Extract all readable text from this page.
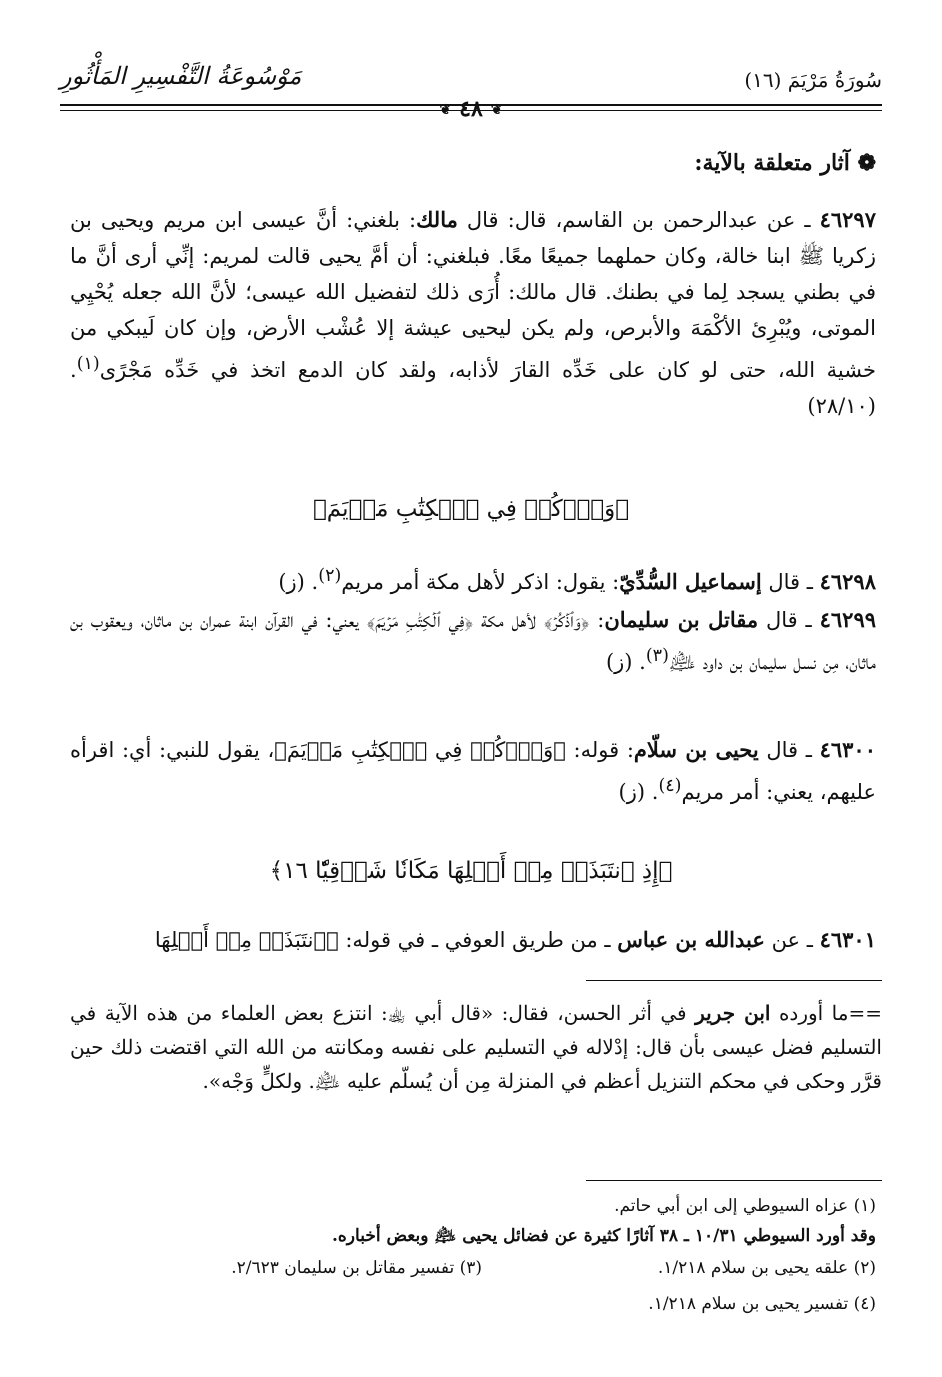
سُورَةُ مَرْيَمَ (١٦)
مَوْسُوعَةُ التَّفْسِيرِ المَأْثُورِ
❦ ٤٨ ❦
❁ آثار متعلقة بالآية:
٤٦٢٩٧ ـ عن عبدالرحمن بن القاسم، قال: قال مالك: بلغني: أنَّ عيسى ابن مريم ويحيى بن زكريا ﷺ ابنا خالة، وكان حملهما جميعًا معًا. فبلغني: أن أمَّ يحيى قالت لمريم: إنِّي أرى أنَّ ما في بطني يسجد لِما في بطنك. قال مالك: أُرَى ذلك لتفضيل الله عيسى؛ لأنَّ الله جعله يُحْيِي الموتى، ويُبْرِئ الأكْمَهَ والأبرص، ولم يكن ليحيى عيشة إلا عُشْب الأرض، وإن كان لَيبكي من خشية الله، حتى لو كان على خَدِّه القارَ لأذابه، ولقد كان الدمع اتخذ في خَدِّه مَجْرًى$^{(١)}$. (٢٨/١٠)
﴿وَٱذۡكُرۡ فِي ٱلۡكِتَٰبِ مَرۡيَمَ﴾
٤٦٢٩٨ ـ قال إسماعيل السُّدِّيّ: يقول: اذكر لأهل مكة أمر مريم$^{(٢)}$. (ز)
٤٦٢٩٩ ـ قال مقاتل بن سليمان: ﴿وَٱذۡكُرۡ﴾ لأهل مكة ﴿فِي ٱلۡكِتَٰبِ مَرۡيَمَ﴾ يعني: في القرآن ابنة عمران بن ماثان، ويعقوب بن ماثان، مِن نسل سليمان بن داود ﵇$^{(٣)}$. (ز)
٤٦٣٠٠ ـ قال يحيى بن سلّام: قوله: ﴿وَٱذۡكُرۡ فِي ٱلۡكِتَٰبِ مَرۡيَمَ﴾، يقول للنبي: أي: اقرأه عليهم، يعني: أمر مريم$^{(٤)}$. (ز)
﴿إِذِ ٱنتَبَذَتۡ مِنۡ أَهۡلِهَا مَكَانٗا شَرۡقِيّٗا ١٦﴾
٤٦٣٠١ ـ عن عبدالله بن عباس ـ من طريق العوفي ـ في قوله: ﴿ٱنتَبَذَتۡ مِنۡ أَهۡلِهَا
==ما أورده ابن جرير في أثر الحسن، فقال: «قال أبي ﵀: انتزع بعض العلماء من هذه الآية في التسليم فضل عيسى بأن قال: إدْلاله في التسليم على نفسه ومكانته من الله التي اقتضت ذلك حين قرَّر وحكى في محكم التنزيل أعظم في المنزلة مِن أن يُسلّم عليه ﵇. ولكلٍّ وَجْه».
(١) عزاه السيوطي إلى ابن أبي حاتم.
وقد أورد السيوطي ١٠/٣١ ـ ٣٨ آثارًا كثيرة عن فضائل يحيى ﵇ وبعض أخباره.
(٢) علقه يحيى بن سلام ١/٢١٨.
(٣) تفسير مقاتل بن سليمان ٢/٦٢٣.
(٤) تفسير يحيى بن سلام ١/٢١٨.
